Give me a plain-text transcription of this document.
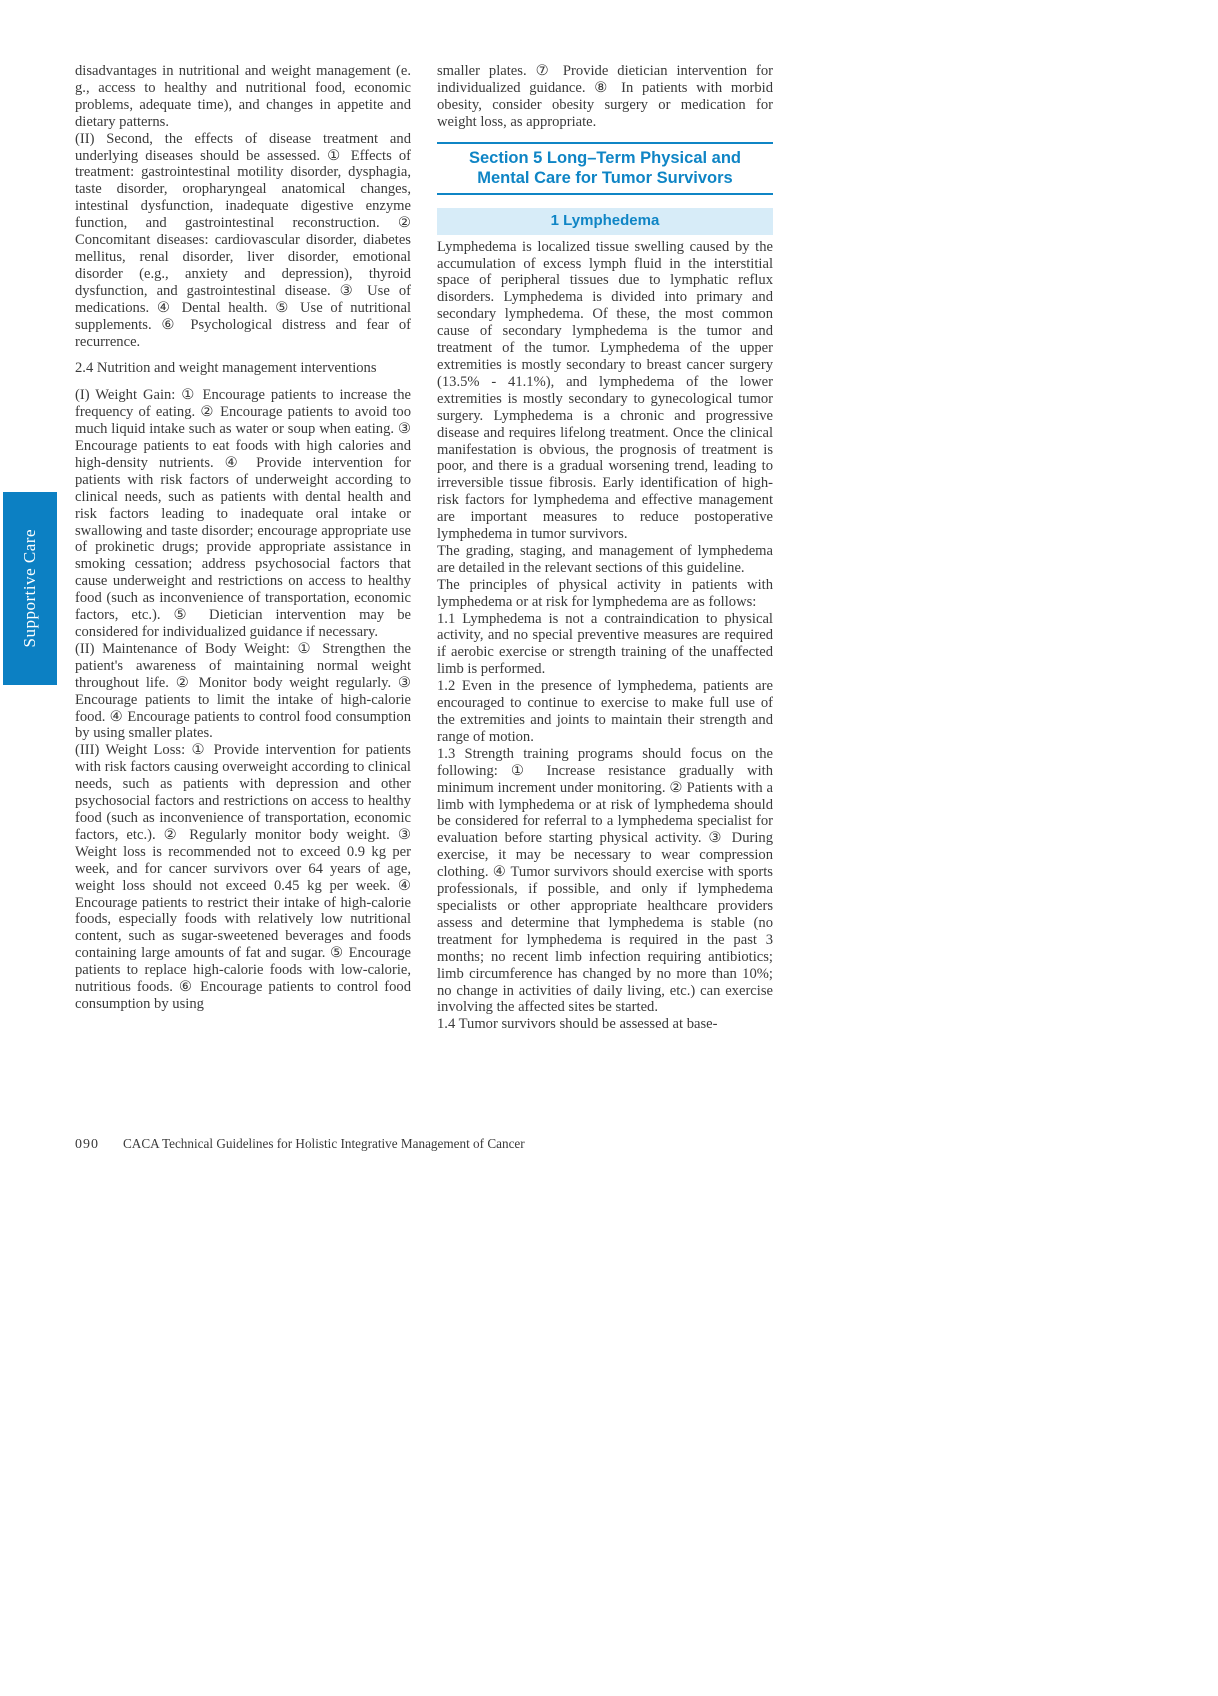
Supportive Care

disadvantages in nutritional and weight management (e. g., access to healthy and nutritional food, economic problems, adequate time), and changes in appetite and dietary patterns.

(II) Second, the effects of disease treatment and underlying diseases should be assessed. ① Effects of treatment: gastrointestinal motility disorder, dysphagia, taste disorder, oropharyngeal anatomical changes, intestinal dysfunction, inadequate digestive enzyme function, and gastrointestinal reconstruction. ② Concomitant diseases: cardiovascular disorder, diabetes mellitus, renal disorder, liver disorder, emotional disorder (e.g., anxiety and depression), thyroid dysfunction, and gastrointestinal disease. ③ Use of medications. ④ Dental health. ⑤ Use of nutritional supplements. ⑥ Psychological distress and fear of recurrence.

2.4 Nutrition and weight management interventions

(I) Weight Gain: ① Encourage patients to increase the frequency of eating. ② Encourage patients to avoid too much liquid intake such as water or soup when eating. ③ Encourage patients to eat foods with high calories and high-density nutrients. ④ Provide intervention for patients with risk factors of underweight according to clinical needs, such as patients with dental health and risk factors leading to inadequate oral intake or swallowing and taste disorder; encourage appropriate use of prokinetic drugs; provide appropriate assistance in smoking cessation; address psychosocial factors that cause underweight and restrictions on access to healthy food (such as inconvenience of transportation, economic factors, etc.). ⑤ Dietician intervention may be considered for individualized guidance if necessary.

(II) Maintenance of Body Weight: ① Strengthen the patient's awareness of maintaining normal weight throughout life. ② Monitor body weight regularly. ③ Encourage patients to limit the intake of high-calorie food. ④ Encourage patients to control food consumption by using smaller plates.

(III) Weight Loss: ① Provide intervention for patients with risk factors causing overweight according to clinical needs, such as patients with depression and other psychosocial factors and restrictions on access to healthy food (such as inconvenience of transportation, economic factors, etc.). ② Regularly monitor body weight. ③ Weight loss is recommended not to exceed 0.9 kg per week, and for cancer survivors over 64 years of age, weight loss should not exceed 0.45 kg per week. ④ Encourage patients to restrict their intake of high-calorie foods, especially foods with relatively low nutritional content, such as sugar-sweetened beverages and foods containing large amounts of fat and sugar. ⑤ Encourage patients to replace high-calorie foods with low-calorie, nutritious foods. ⑥ Encourage patients to control food consumption by using

smaller plates. ⑦ Provide dietician intervention for individualized guidance. ⑧ In patients with morbid obesity, consider obesity surgery or medication for weight loss, as appropriate.

Section 5 Long–Term Physical and Mental Care for Tumor Survivors
1 Lymphedema

Lymphedema is localized tissue swelling caused by the accumulation of excess lymph fluid in the interstitial space of peripheral tissues due to lymphatic reflux disorders. Lymphedema is divided into primary and secondary lymphedema. Of these, the most common cause of secondary lymphedema is the tumor and treatment of the tumor. Lymphedema of the upper extremities is mostly secondary to breast cancer surgery (13.5% - 41.1%), and lymphedema of the lower extremities is mostly secondary to gynecological tumor surgery. Lymphedema is a chronic and progressive disease and requires lifelong treatment. Once the clinical manifestation is obvious, the prognosis of treatment is poor, and there is a gradual worsening trend, leading to irreversible tissue fibrosis. Early identification of high-risk factors for lymphedema and effective management are important measures to reduce postoperative lymphedema in tumor survivors.

The grading, staging, and management of lymphedema are detailed in the relevant sections of this guideline.

The principles of physical activity in patients with lymphedema or at risk for lymphedema are as follows:

1.1 Lymphedema is not a contraindication to physical activity, and no special preventive measures are required if aerobic exercise or strength training of the unaffected limb is performed.

1.2 Even in the presence of lymphedema, patients are encouraged to continue to exercise to make full use of the extremities and joints to maintain their strength and range of motion.

1.3 Strength training programs should focus on the following: ① Increase resistance gradually with minimum increment under monitoring. ② Patients with a limb with lymphedema or at risk of lymphedema should be considered for referral to a lymphedema specialist for evaluation before starting physical activity. ③ During exercise, it may be necessary to wear compression clothing. ④ Tumor survivors should exercise with sports professionals, if possible, and only if lymphedema specialists or other appropriate healthcare providers assess and determine that lymphedema is stable (no treatment for lymphedema is required in the past 3 months; no recent limb infection requiring antibiotics; limb circumference has changed by no more than 10%; no change in activities of daily living, etc.) can exercise involving the affected sites be started.

1.4 Tumor survivors should be assessed at base-

090 CACA Technical Guidelines for Holistic Integrative Management of Cancer
